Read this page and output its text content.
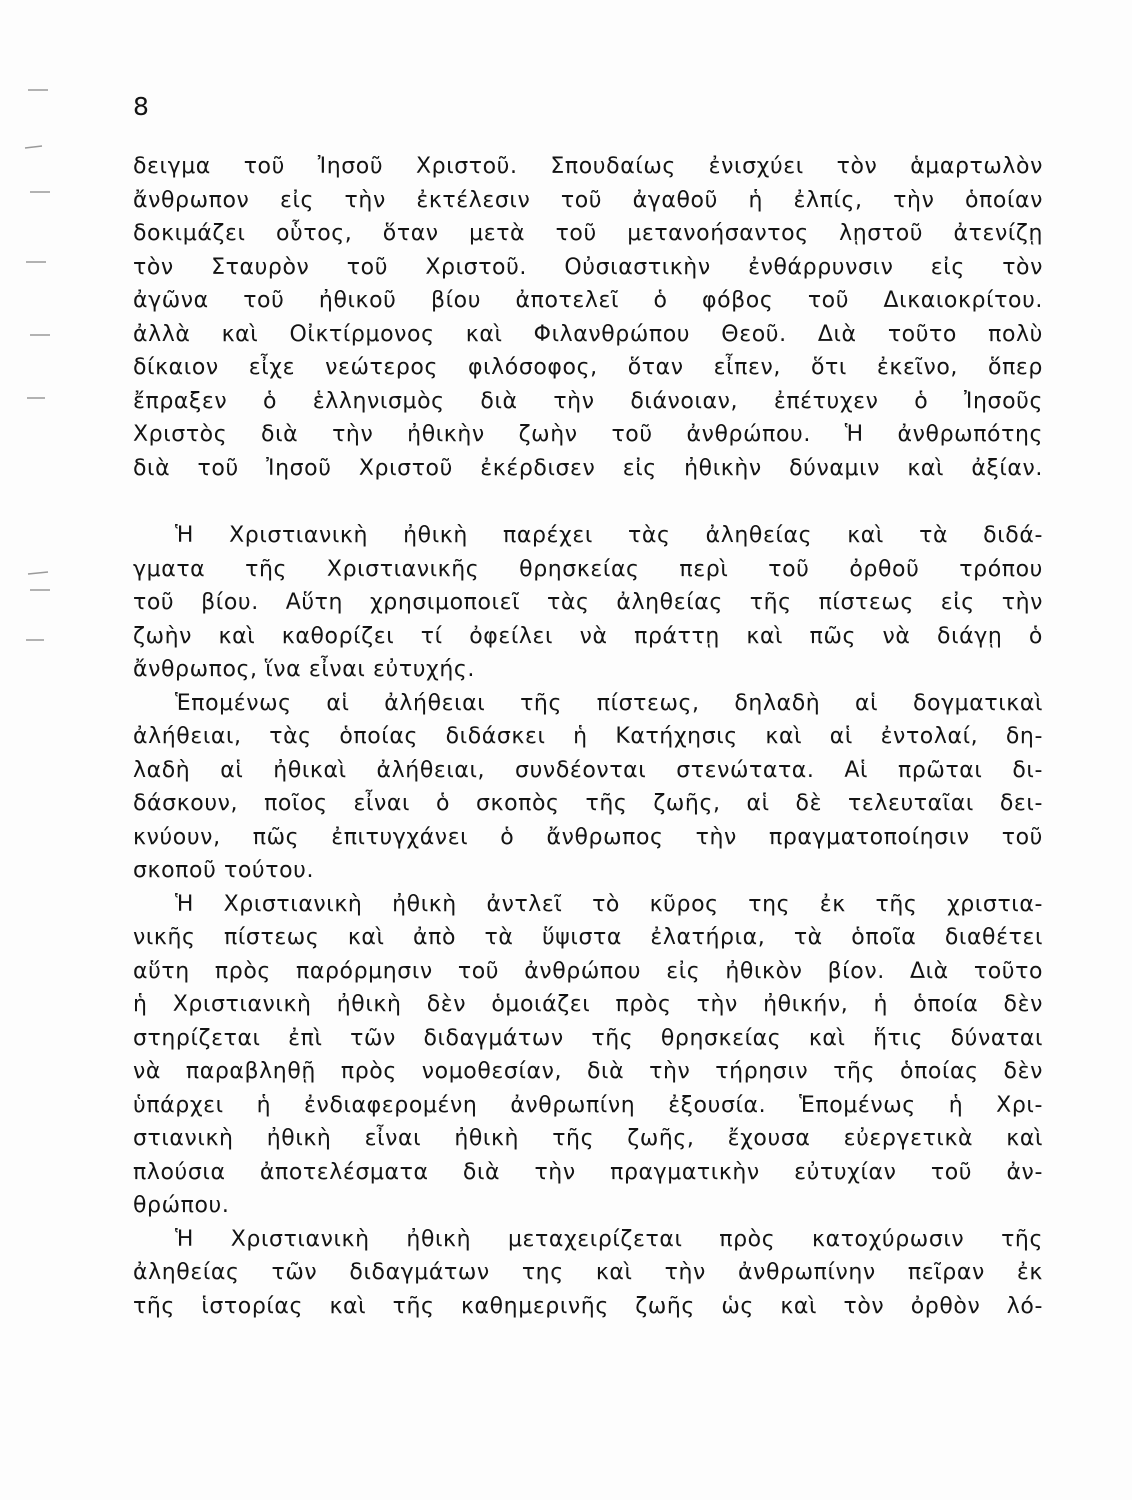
8
δειγμα τοῦ Ἰησοῦ Χριστοῦ. Σπουδαίως ἐνισχύει τὸν ἁμαρτωλὸν
ἄνθρωπον εἰς τὴν ἐκτέλεσιν τοῦ ἀγαθοῦ ἡ ἐλπίς, τὴν ὁποίαν
δοκιμάζει οὗτος, ὅταν μετὰ τοῦ μετανοήσαντος λῃστοῦ ἀτενίζῃ
τὸν Σταυρὸν τοῦ Χριστοῦ. Οὐσιαστικὴν ἐνθάρρυνσιν εἰς τὸν
ἀγῶνα τοῦ ἠθικοῦ βίου ἀποτελεῖ ὁ φόβος τοῦ Δικαιοκρίτου.
ἀλλὰ καὶ Οἰκτίρμονος καὶ Φιλανθρώπου Θεοῦ. Διὰ τοῦτο πολὺ
δίκαιον εἶχε νεώτερος φιλόσοφος, ὅταν εἶπεν, ὅτι ἐκεῖνο, ὅπερ
ἔπραξεν ὁ ἑλληνισμὸς διὰ τὴν διάνοιαν, ἐπέτυχεν ὁ Ἰησοῦς
Χριστὸς διὰ τὴν ἠθικὴν ζωὴν τοῦ ἀνθρώπου. Ἡ ἀνθρωπότης
διὰ τοῦ Ἰησοῦ Χριστοῦ ἐκέρδισεν εἰς ἠθικὴν δύναμιν καὶ ἀξίαν.
Ἡ Χριστιανικὴ ἠθικὴ παρέχει τὰς ἀληθείας καὶ τὰ διδά-
γματα τῆς Χριστιανικῆς θρησκείας περὶ τοῦ ὀρθοῦ τρόπου
τοῦ βίου. Αὕτη χρησιμοποιεῖ τὰς ἀληθείας τῆς πίστεως εἰς τὴν
ζωὴν καὶ καθορίζει τί ὀφείλει νὰ πράττῃ καὶ πῶς νὰ διάγῃ ὁ
ἄνθρωπος, ἵνα εἶναι εὐτυχής.
Ἑπομένως αἱ ἀλήθειαι τῆς πίστεως, δηλαδὴ αἱ δογματικαὶ
ἀλήθειαι, τὰς ὁποίας διδάσκει ἡ Κατήχησις καὶ αἱ ἐντολαί, δη-
λαδὴ αἱ ἠθικαὶ ἀλήθειαι, συνδέονται στενώτατα. Αἱ πρῶται δι-
δάσκουν, ποῖος εἶναι ὁ σκοπὸς τῆς ζωῆς, αἱ δὲ τελευταῖαι δει-
κνύουν, πῶς ἐπιτυγχάνει ὁ ἄνθρωπος τὴν πραγματοποίησιν τοῦ
σκοποῦ τούτου.
Ἡ Χριστιανικὴ ἠθικὴ ἀντλεῖ τὸ κῦρος της ἐκ τῆς χριστια-
νικῆς πίστεως καὶ ἀπὸ τὰ ὕψιστα ἐλατήρια, τὰ ὁποῖα διαθέτει
αὕτη πρὸς παρόρμησιν τοῦ ἀνθρώπου εἰς ἠθικὸν βίον. Διὰ τοῦτο
ἡ Χριστιανικὴ ἠθικὴ δὲν ὁμοιάζει πρὸς τὴν ἠθικήν, ἡ ὁποία δὲν
στηρίζεται ἐπὶ τῶν διδαγμάτων τῆς θρησκείας καὶ ἥτις δύναται
νὰ παραβληθῇ πρὸς νομοθεσίαν, διὰ τὴν τήρησιν τῆς ὁποίας δὲν
ὑπάρχει ἡ ἐνδιαφερομένη ἀνθρωπίνη ἐξουσία. Ἑπομένως ἡ Χρι-
στιανικὴ ἠθικὴ εἶναι ἠθικὴ τῆς ζωῆς, ἔχουσα εὐεργετικὰ καὶ
πλούσια ἀποτελέσματα διὰ τὴν πραγματικὴν εὐτυχίαν τοῦ ἀν-
θρώπου.
Ἡ Χριστιανικὴ ἠθικὴ μεταχειρίζεται πρὸς κατοχύρωσιν τῆς
ἀληθείας τῶν διδαγμάτων της καὶ τὴν ἀνθρωπίνην πεῖραν ἐκ
τῆς ἱστορίας καὶ τῆς καθημερινῆς ζωῆς ὡς καὶ τὸν ὀρθὸν λό-
